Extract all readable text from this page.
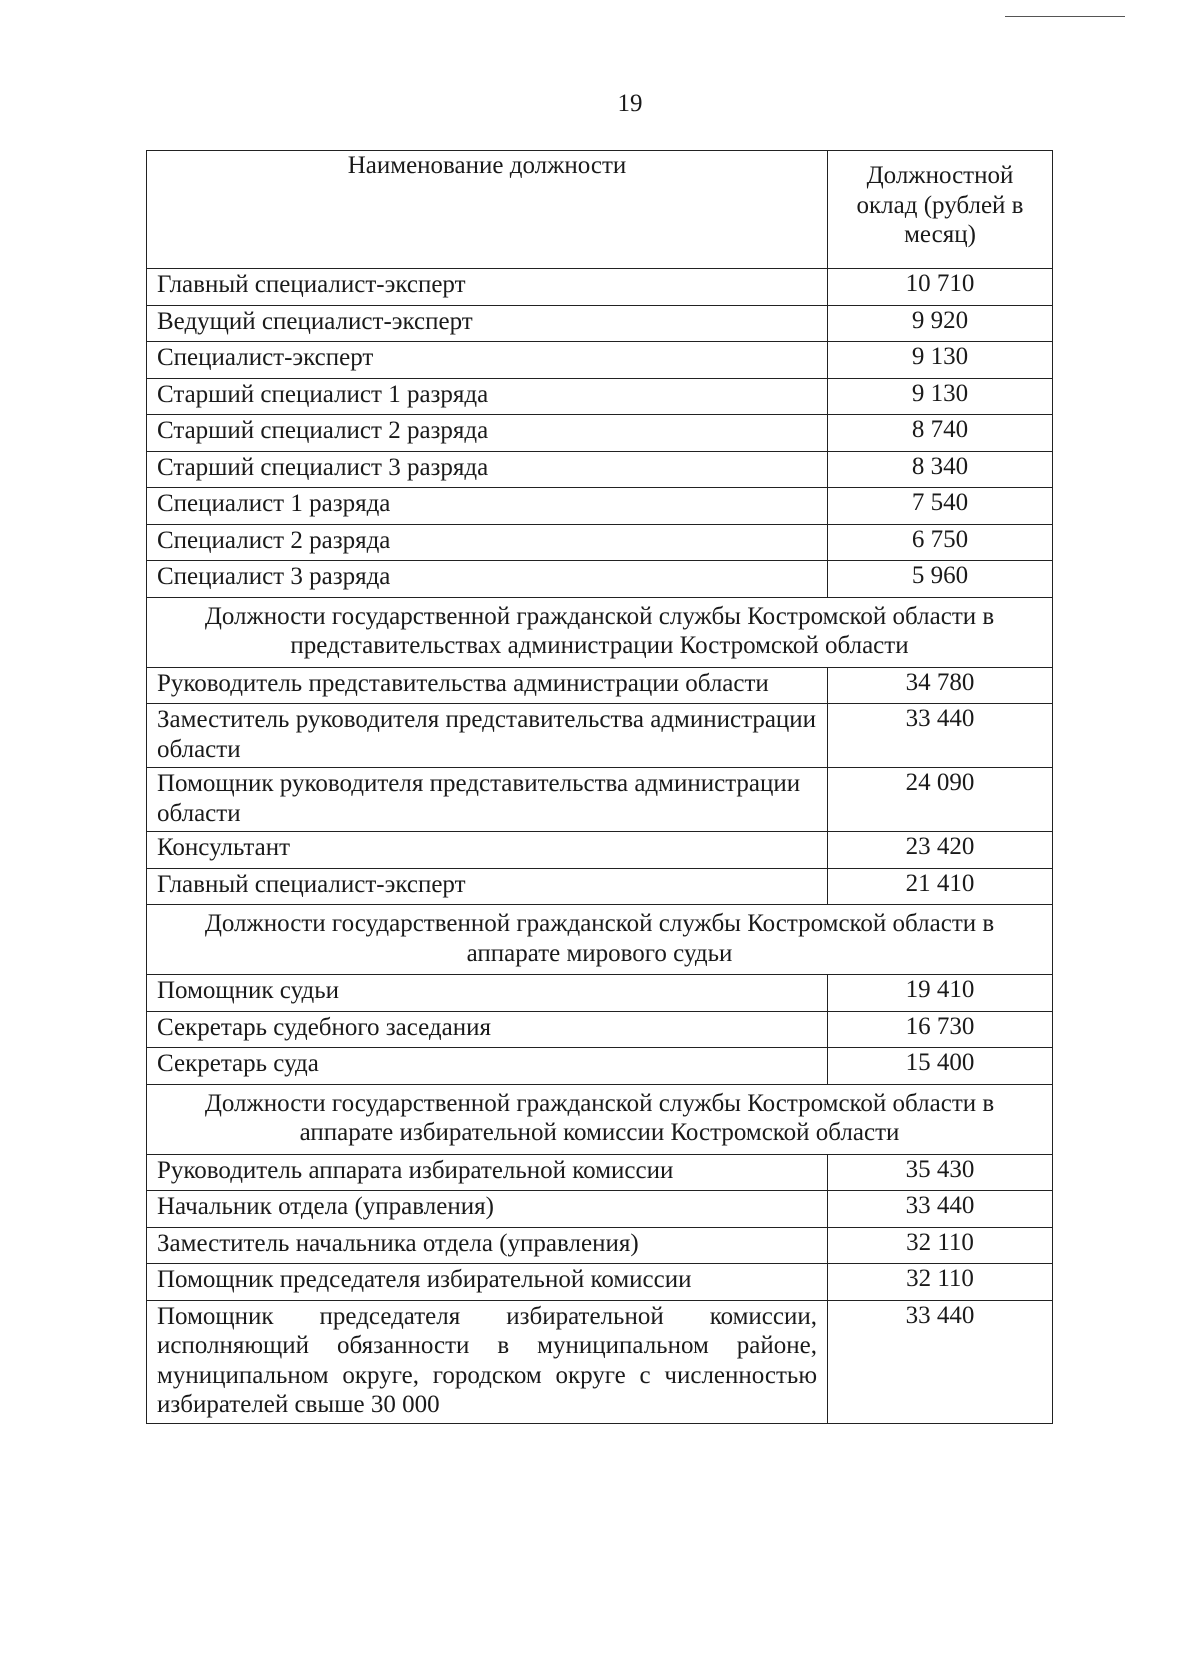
19
Наименование должности	Должностной оклад (рублей в месяц)
Главный специалист-эксперт	10 710
Ведущий специалист-эксперт	9 920
Специалист-эксперт	9 130
Старший специалист 1 разряда	9 130
Старший специалист 2 разряда	8 740
Старший специалист 3 разряда	8 340
Специалист 1 разряда	7 540
Специалист 2 разряда	6 750
Специалист 3 разряда	5 960
Должности государственной гражданской службы Костромской области в представительствах администрации Костромской области	
Руководитель представительства администрации области	34 780
Заместитель руководителя представительства администрации области	33 440
Помощник руководителя представительства администрации области	24 090
Консультант	23 420
Главный специалист-эксперт	21 410
Должности государственной гражданской службы Костромской области в аппарате мирового судьи	
Помощник судьи	19 410
Секретарь судебного заседания	16 730
Секретарь суда	15 400
Должности государственной гражданской службы Костромской области в аппарате избирательной комиссии Костромской области	
Руководитель аппарата избирательной комиссии	35 430
Начальник отдела (управления)	33 440
Заместитель начальника отдела (управления)	32 110
Помощник председателя избирательной комиссии	32 110
Помощник председателя избирательной комиссии, исполняющий обязанности в муниципальном районе, муниципальном округе, городском округе с численностью избирателей свыше 30 000	33 440
